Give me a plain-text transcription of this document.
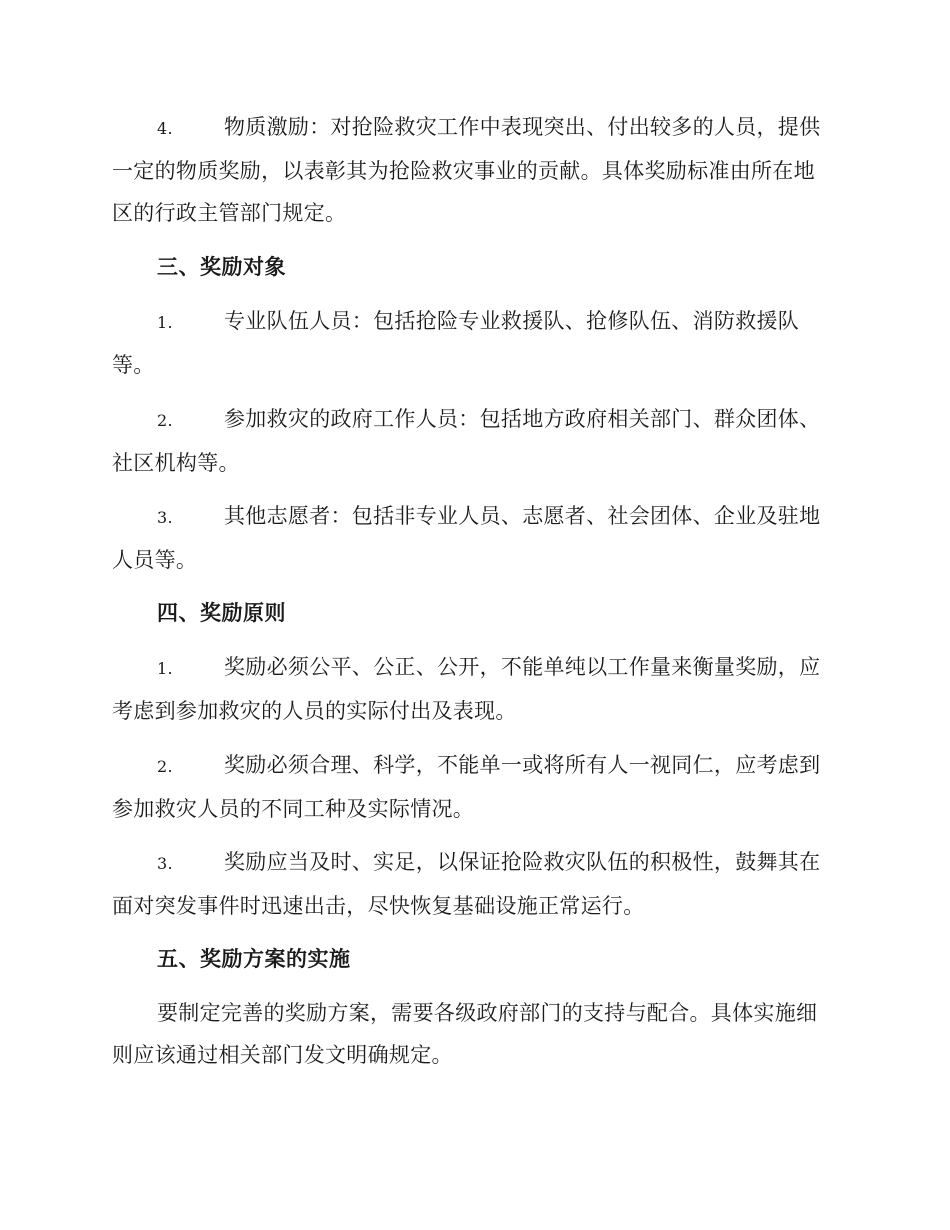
4. 物质激励：对抢险救灾工作中表现突出、付出较多的人员，提供一定的物质奖励，以表彰其为抢险救灾事业的贡献。具体奖励标准由所在地区的行政主管部门规定。

三、奖励对象

1. 专业队伍人员：包括抢险专业救援队、抢修队伍、消防救援队等。

2. 参加救灾的政府工作人员：包括地方政府相关部门、群众团体、社区机构等。

3. 其他志愿者：包括非专业人员、志愿者、社会团体、企业及驻地人员等。

四、奖励原则

1. 奖励必须公平、公正、公开，不能单纯以工作量来衡量奖励，应考虑到参加救灾的人员的实际付出及表现。

2. 奖励必须合理、科学，不能单一或将所有人一视同仁，应考虑到参加救灾人员的不同工种及实际情况。

3. 奖励应当及时、实足，以保证抢险救灾队伍的积极性，鼓舞其在面对突发事件时迅速出击，尽快恢复基础设施正常运行。

五、奖励方案的实施

要制定完善的奖励方案，需要各级政府部门的支持与配合。具体实施细则应该通过相关部门发文明确规定。
